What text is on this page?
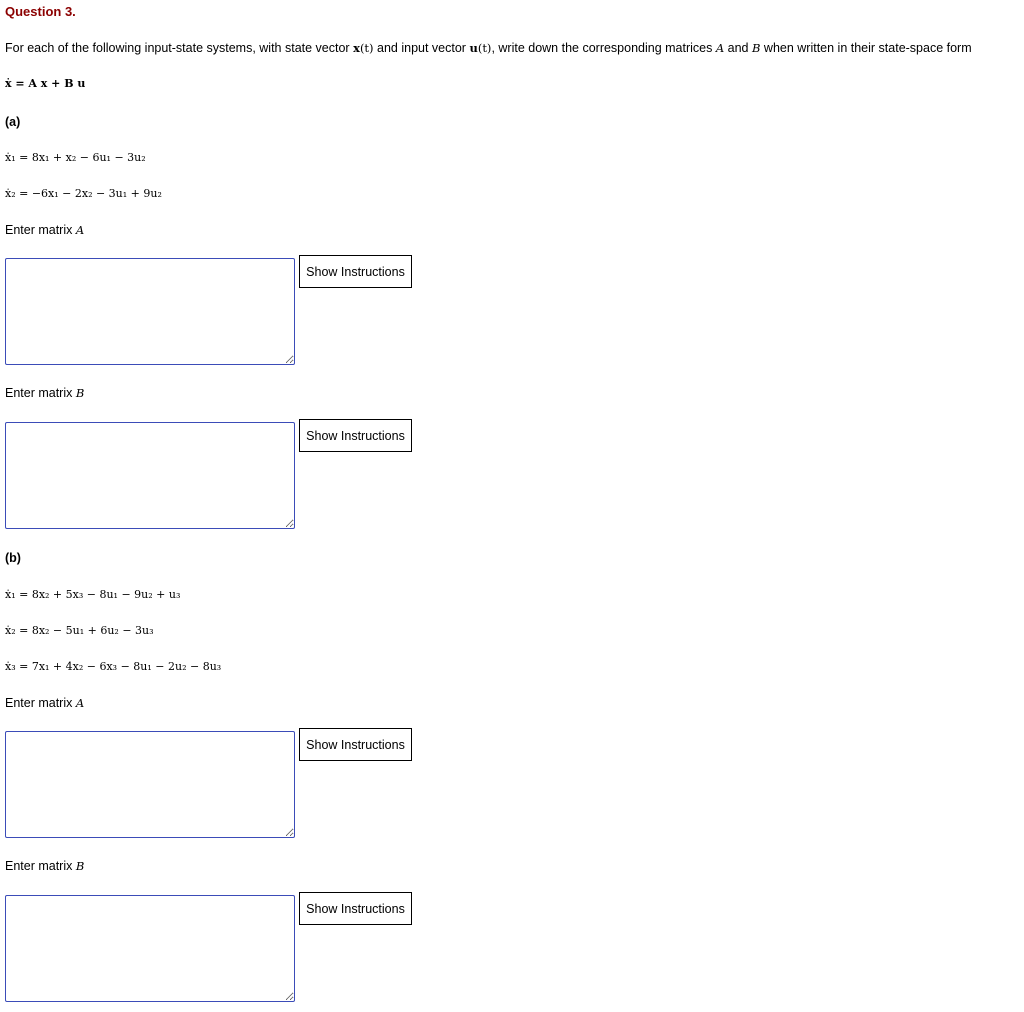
Question 3.
For each of the following input-state systems, with state vector x(t) and input vector u(t), write down the corresponding matrices A and B when written in their state-space form
ẋ = A x + B u
(a)
ẋ₁ = 8x₁ + x₂ − 6u₁ − 3u₂
ẋ₂ = −6x₁ − 2x₂ − 3u₁ + 9u₂
Enter matrix A
Show Instructions
Enter matrix B
Show Instructions
(b)
ẋ₁ = 8x₂ + 5x₃ − 8u₁ − 9u₂ + u₃
ẋ₂ = 8x₂ − 5u₁ + 6u₂ − 3u₃
ẋ₃ = 7x₁ + 4x₂ − 6x₃ − 8u₁ − 2u₂ − 8u₃
Enter matrix A
Show Instructions
Enter matrix B
Show Instructions
